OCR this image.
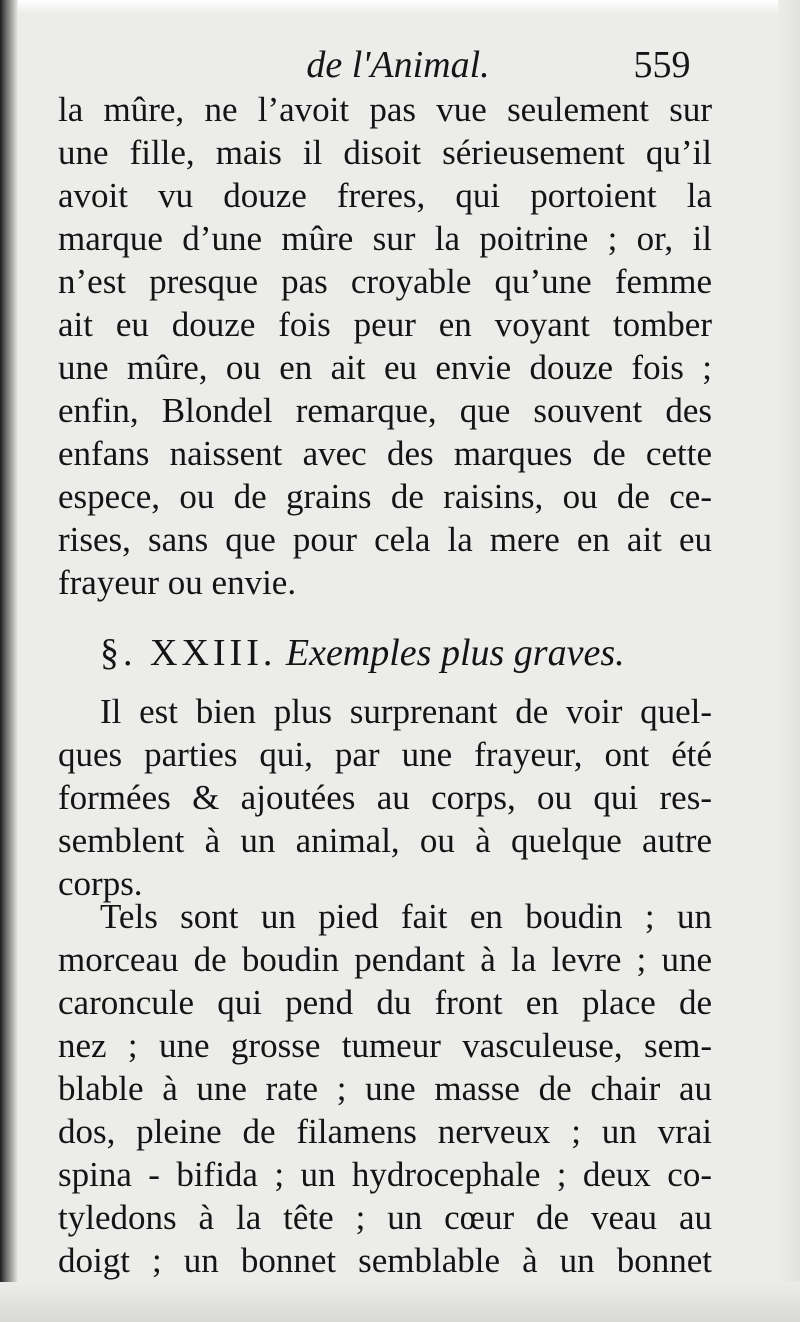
de l'Animal.	559
la mûre, ne l’avoit pas vue seulement sur
une fille, mais il disoit sérieusement qu’il
avoit vu douze freres, qui portoient la
marque d’une mûre sur la poitrine ; or, il
n’est presque pas croyable qu’une femme
ait eu douze fois peur en voyant tomber
une mûre, ou en ait eu envie douze fois ;
enfin, Blondel remarque, que souvent des
enfans naissent avec des marques de cette
espece, ou de grains de raisins, ou de ce-
rises, sans que pour cela la mere en ait eu
frayeur ou envie.
§. XXIII. Exemples plus graves.
Il est bien plus surprenant de voir quel-
ques parties qui, par une frayeur, ont été
formées & ajoutées au corps, ou qui res-
semblent à un animal, ou à quelque autre
corps.
Tels sont un pied fait en boudin ; un
morceau de boudin pendant à la levre ; une
caroncule qui pend du front en place de
nez ; une grosse tumeur vasculeuse, sem-
blable à une rate ; une masse de chair au
dos, pleine de filamens nerveux ; un vrai
spina - bifida ; un hydrocephale ; deux co-
tyledons à la tête ; un cœur de veau au
doigt ; un bonnet semblable à un bonnet
